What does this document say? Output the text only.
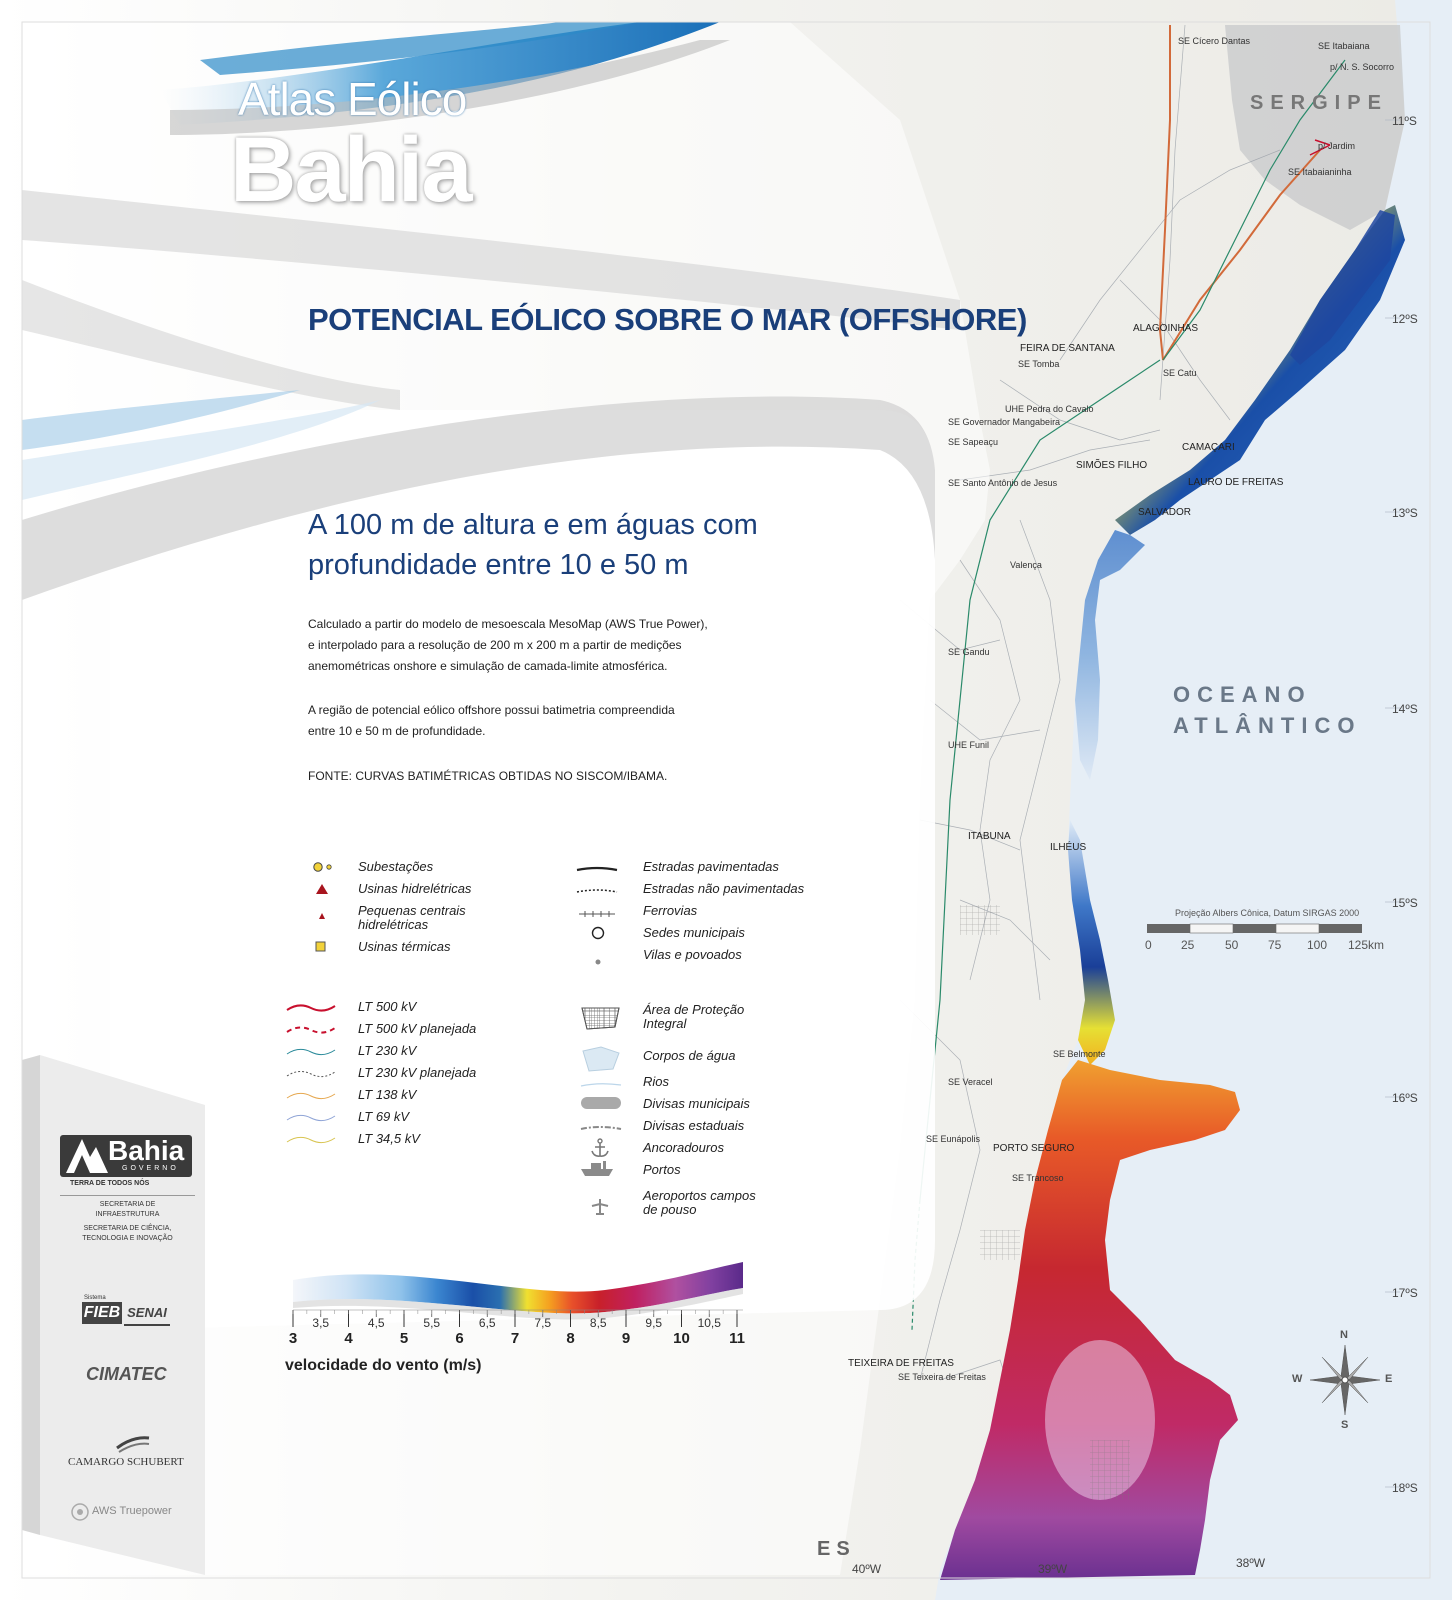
Atlas Eólico
Bahia
POTENCIAL EÓLICO SOBRE O MAR (OFFSHORE)
A 100 m de altura e em águas com
profundidade entre 10 e 50 m
Calculado a partir do modelo de mesoescala MesoMap (AWS True Power),
e interpolado para a resolução de 200 m x 200 m a partir de medições
anemométricas onshore e simulação de camada-limite atmosférica.
A região de potencial eólico offshore possui batimetria compreendida
entre 10 e 50 m de profundidade.
FONTE: CURVAS BATIMÉTRICAS OBTIDAS NO SISCOM/IBAMA.
Subestações
Usinas hidrelétricas
Pequenas centrais hidrelétricas
Usinas térmicas
Estradas pavimentadas
Estradas não pavimentadas
Ferrovias
Sedes municipais
Vilas e povoados
LT 500 kV
LT 500 kV planejada
LT 230 kV
LT 230 kV planejada
LT 138 kV
LT 69 kV
LT 34,5 kV
Área de Proteção Integral
Corpos de água
Rios
Divisas municipais
Divisas estaduais
Ancoradouros
Portos
Aeroportos campos de pouso
3	4	5	6	7	8	9	10	11
3,5	4,5	5,5	6,5	7,5	8,5	9,5	10,5
velocidade do vento (m/s)
SERGIPE
ES
OCEANO
ATLÂNTICO
11ºS
12ºS
13ºS
14ºS
15ºS
16ºS
17ºS
18ºS
40ºW	39ºW	38ºW
SE Cícero Dantas	SE Itabaiana
p/ N. S. Socorro
p/ Jardim
SE Itabaianinha
ALAGOINHAS
FEIRA DE SANTANA
SE Tomba
SE Catu
CAMAÇARI
SIMÕES FILHO
LAURO DE FREITAS
SALVADOR
UHE Pedra do Cavalo
SE Governador Mangabeira
SE Sapeaçu
SE Santo Antônio de Jesus
Valença
SE Gandu
UHE Funil
ITABUNA
ILHÉUS
SE Belmonte
SE Veracel
SE Eunápolis
PORTO SEGURO
SE Trancoso
TEIXEIRA DE FREITAS
SE Teixeira de Freitas
Projeção Albers Cônica, Datum SIRGAS 2000
0 25	50 75 100 125km
N
S
E
W
Bahia
GOVERNO
TERRA DE TODOS NÓS
SECRETARIA DE
INFRAESTRUTURA
SECRETARIA DE CIÊNCIA,
TECNOLOGIA E INOVAÇÃO
Sistema
FIEB SENAI
CIMATEC
CAMARGO SCHUBERT
AWS Truepower
